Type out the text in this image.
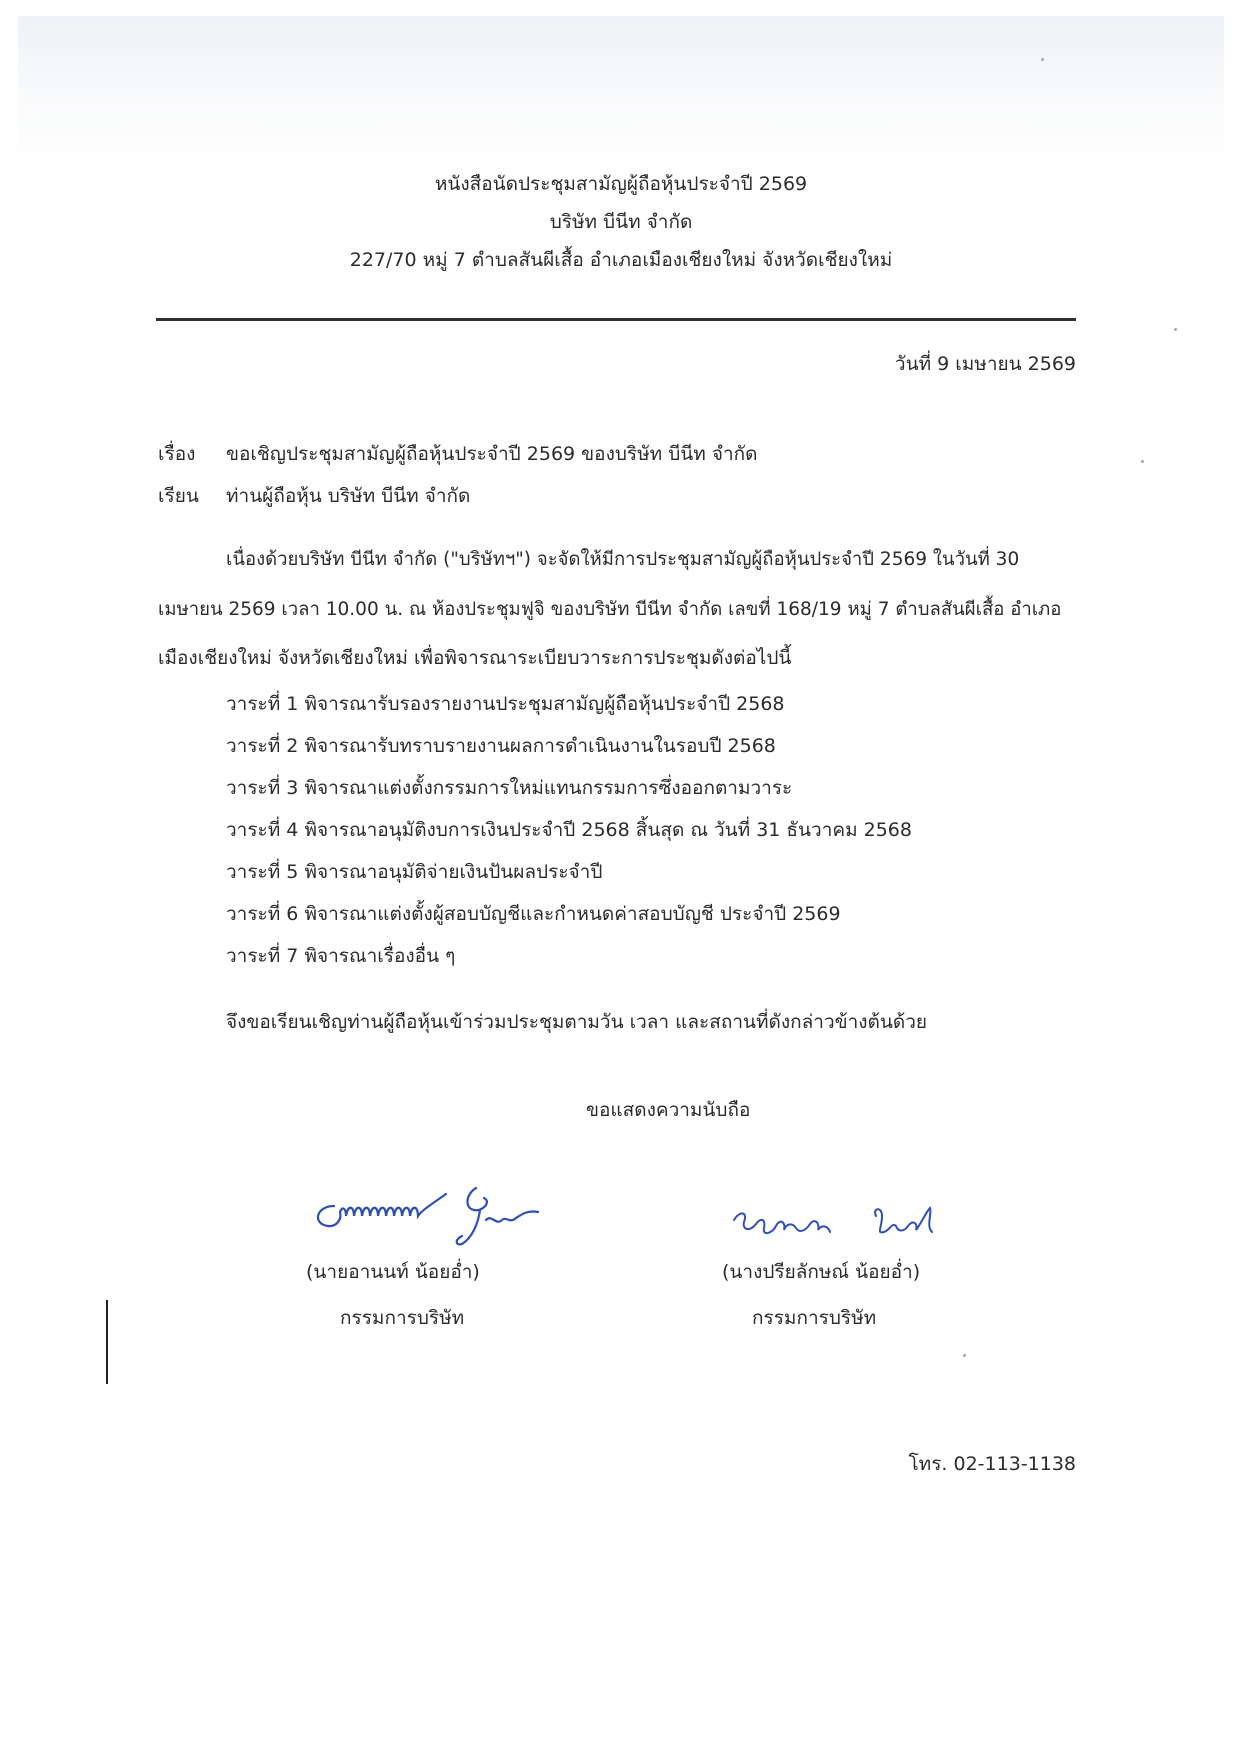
หนังสือนัดประชุมสามัญผู้ถือหุ้นประจำปี 2569
บริษัท บีนีท จำกัด
227/70 หมู่ 7 ตำบลสันผีเสื้อ อำเภอเมืองเชียงใหม่ จังหวัดเชียงใหม่
วันที่ 9 เมษายน 2569
เรื่อง ขอเชิญประชุมสามัญผู้ถือหุ้นประจำปี 2569 ของบริษัท บีนีท จำกัด
เรียน ท่านผู้ถือหุ้น บริษัท บีนีท จำกัด
เนื่องด้วยบริษัท บีนีท จำกัด ("บริษัทฯ") จะจัดให้มีการประชุมสามัญผู้ถือหุ้นประจำปี 2569 ในวันที่ 30
เมษายน 2569 เวลา 10.00 น. ณ ห้องประชุมฟูจิ ของบริษัท บีนีท จำกัด เลขที่ 168/19 หมู่ 7 ตำบลสันผีเสื้อ อำเภอ
เมืองเชียงใหม่ จังหวัดเชียงใหม่ เพื่อพิจารณาระเบียบวาระการประชุมดังต่อไปนี้
วาระที่ 1 พิจารณารับรองรายงานประชุมสามัญผู้ถือหุ้นประจำปี 2568
วาระที่ 2 พิจารณารับทราบรายงานผลการดำเนินงานในรอบปี 2568
วาระที่ 3 พิจารณาแต่งตั้งกรรมการใหม่แทนกรรมการซึ่งออกตามวาระ
วาระที่ 4 พิจารณาอนุมัติงบการเงินประจำปี 2568 สิ้นสุด ณ วันที่ 31 ธันวาคม 2568
วาระที่ 5 พิจารณาอนุมัติจ่ายเงินปันผลประจำปี
วาระที่ 6 พิจารณาแต่งตั้งผู้สอบบัญชีและกำหนดค่าสอบบัญชี ประจำปี 2569
วาระที่ 7 พิจารณาเรื่องอื่น ๆ
จึงขอเรียนเชิญท่านผู้ถือหุ้นเข้าร่วมประชุมตามวัน เวลา และสถานที่ดังกล่าวข้างต้นด้วย
ขอแสดงความนับถือ
(นายอานนท์ น้อยอ่ำ)
กรรมการบริษัท
(นางปรียลักษณ์ น้อยอ่ำ)
กรรมการบริษัท
โทร. 02-113-1138
